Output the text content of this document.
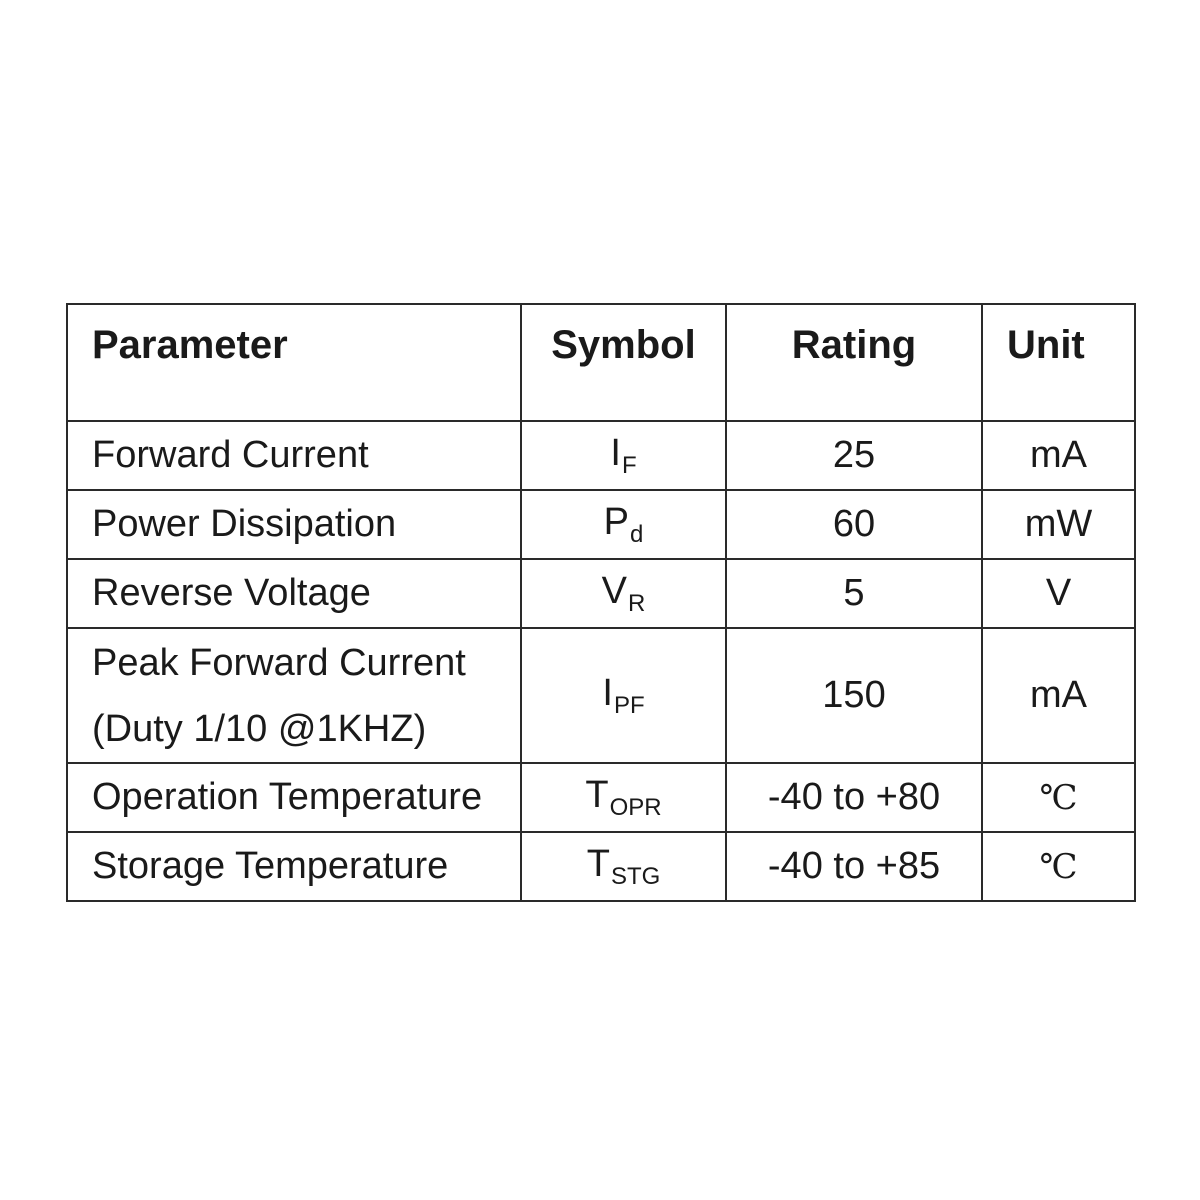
Parameter	Symbol	Rating	Unit
Forward Current	$I_F$	25	mA
Power Dissipation	$P_d$	60	mW
Reverse Voltage	$V_R$	5	V

Peak Forward Current
(Duty 1/10 @1KHZ)	$I_{PF}$	150	mA
Operation Temperature	$T_{OPR}$	-40 to +80	℃
Storage Temperature	$T_{STG}$	-40 to +85	℃
